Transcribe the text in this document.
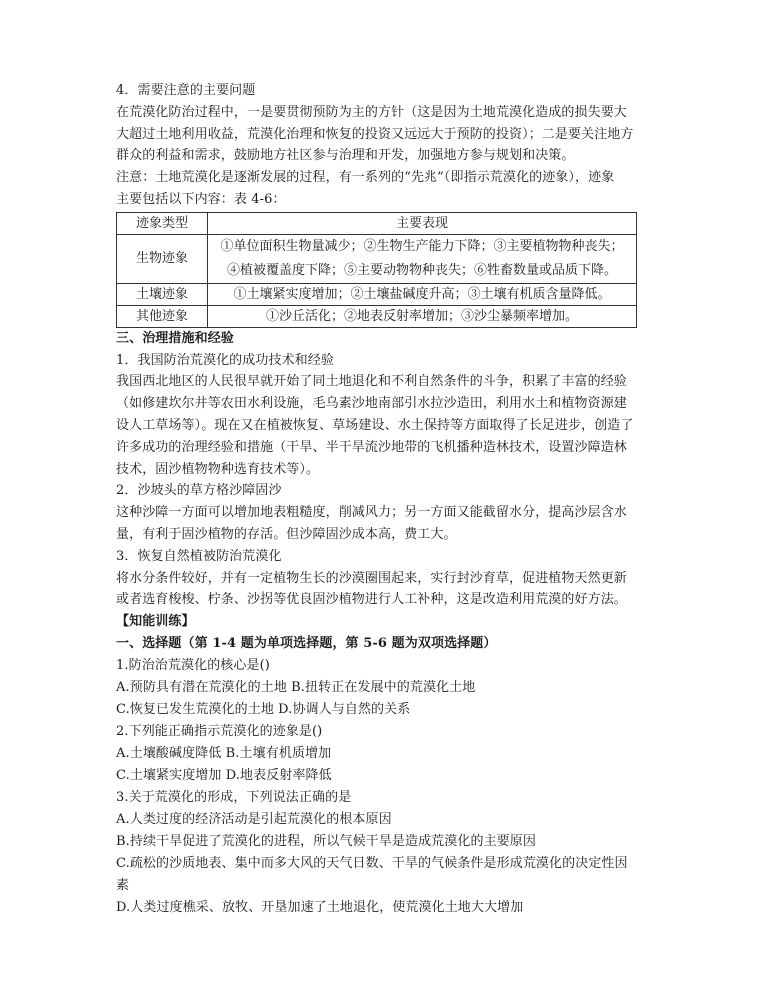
4．需要注意的主要问题
在荒漠化防治过程中，一是要贯彻预防为主的方针（这是因为土地荒漠化造成的损失要大
大超过土地利用收益，荒漠化治理和恢复的投资又远远大于预防的投资）；二是要关注地方
群众的利益和需求，鼓励地方社区参与治理和开发，加强地方参与规划和决策。
注意：土地荒漠化是逐渐发展的过程，有一系列的“先兆”（即指示荒漠化的迹象），迹象
主要包括以下内容：表 4-6：
迹象类型	主要表现
生物迹象	①单位面积生物量减少；②生物生产能力下降；③主要植物物种丧失；
④植被覆盖度下降；⑤主要动物物种丧失；⑥牲畜数量或品质下降。

土壤迹象	①土壤紧实度增加；②土壤盐碱度升高；③土壤有机质含量降低。
其他迹象	①沙丘活化；②地表反射率增加；③沙尘暴频率增加。
三、治理措施和经验
1．我国防治荒漠化的成功技术和经验
我国西北地区的人民很早就开始了同土地退化和不利自然条件的斗争，积累了丰富的经验
（如修建坎尔井等农田水利设施，毛乌素沙地南部引水拉沙造田，利用水土和植物资源建
设人工草场等）。现在又在植被恢复、草场建设、水土保持等方面取得了长足进步，创造了
许多成功的治理经验和措施（干旱、半干旱流沙地带的飞机播种造林技术，设置沙障造林
技术，固沙植物物种选育技术等）。
2．沙坡头的草方格沙障固沙
这种沙障一方面可以增加地表粗糙度，削减风力；另一方面又能截留水分，提高沙层含水
量，有利于固沙植物的存活。但沙障固沙成本高，费工大。
3．恢复自然植被防治荒漠化
将水分条件较好，并有一定植物生长的沙漠圈围起来，实行封沙育草，促进植物天然更新
或者选育梭梭、柠条、沙拐等优良固沙植物进行人工补种，这是改造利用荒漠的好方法。
【知能训练】
一、选择题（第 1-4 题为单项选择题，第 5-6 题为双项选择题）
1.防治治荒漠化的核心是()
A.预防具有潜在荒漠化的土地 B.扭转正在发展中的荒漠化土地
C.恢复已发生荒漠化的土地 D.协调人与自然的关系
2.下列能正确指示荒漠化的迹象是()
A.土壤酸碱度降低 B.土壤有机质增加
C.土壤紧实度增加 D.地表反射率降低
3.关于荒漠化的形成，下列说法正确的是
A.人类过度的经济活动是引起荒漠化的根本原因
B.持续干旱促进了荒漠化的进程，所以气候干旱是造成荒漠化的主要原因
C.疏松的沙质地表、集中而多大风的天气日数、干旱的气候条件是形成荒漠化的决定性因
素
D.人类过度樵采、放牧、开垦加速了土地退化，使荒漠化土地大大增加
